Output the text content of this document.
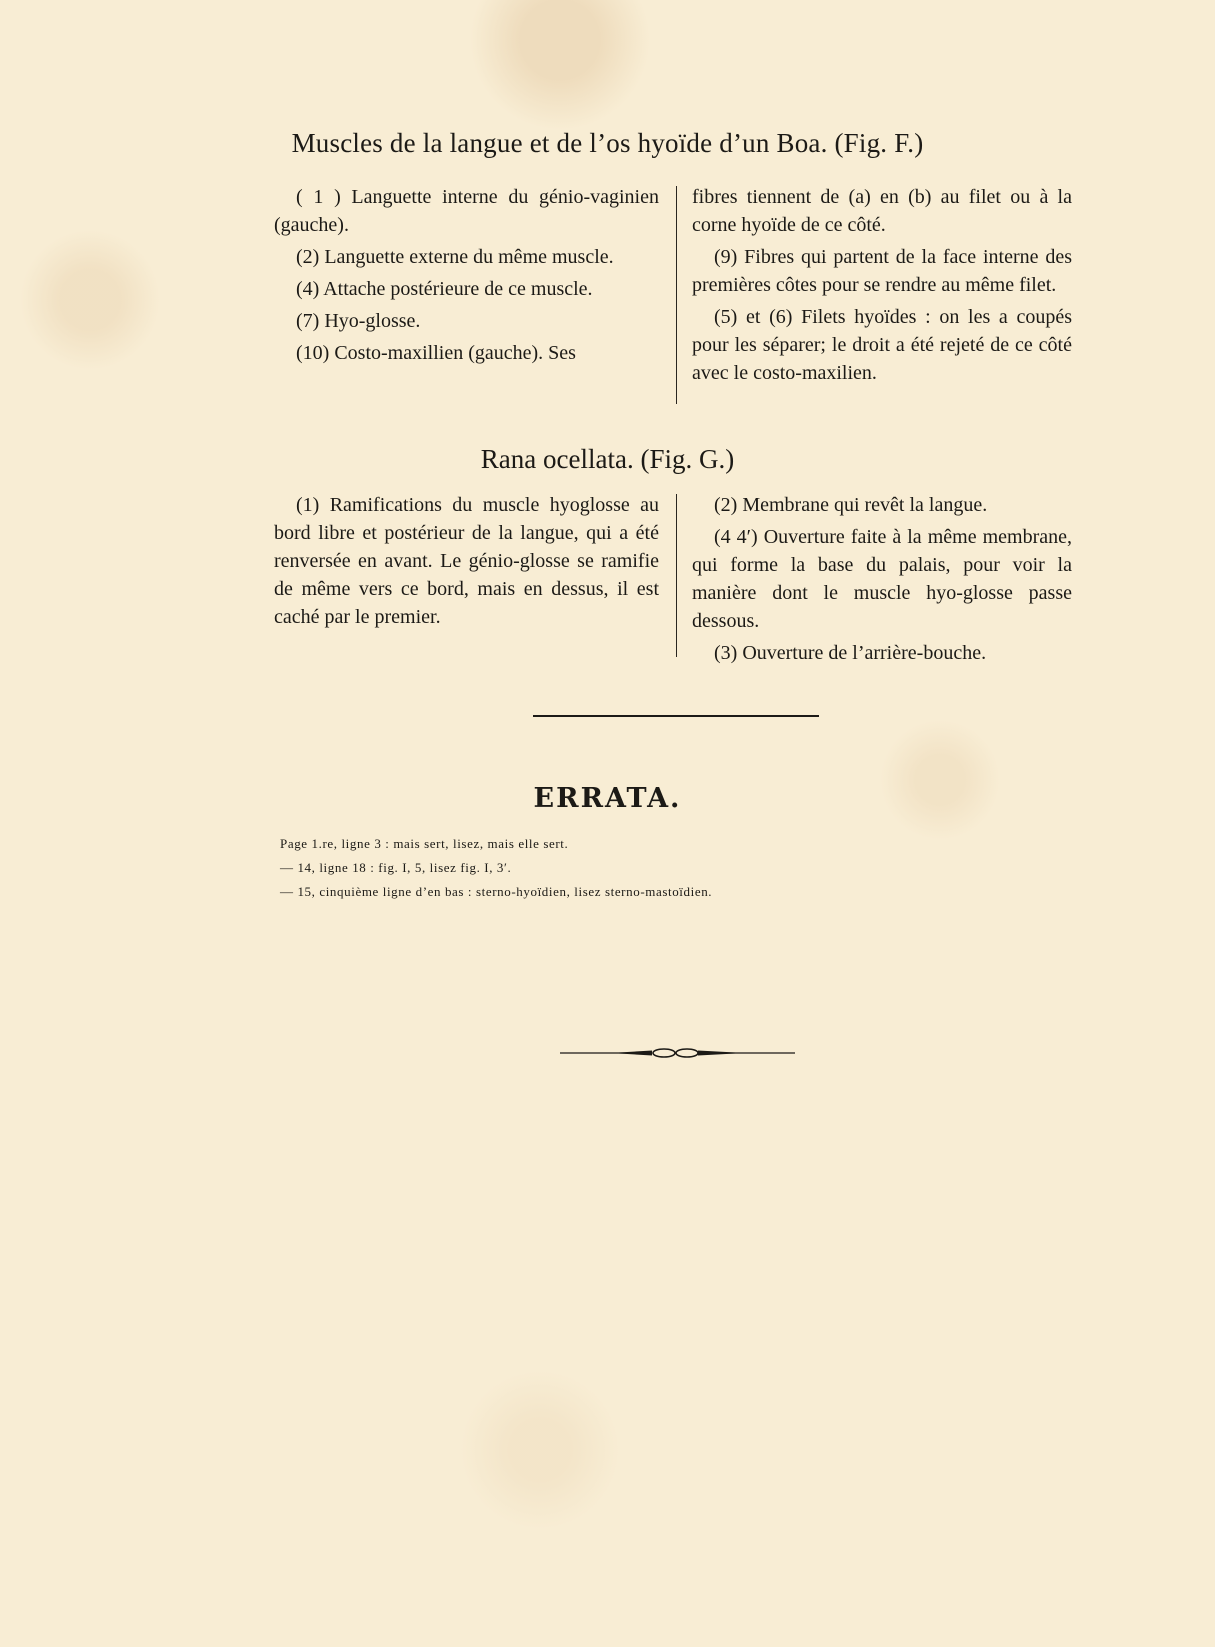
Muscles de la langue et de l’os hyoïde d’un Boa. (Fig. F.)

( 1 ) Languette interne du génio-vaginien (gauche).

(2) Languette externe du même muscle.

(4) Attache postérieure de ce muscle.

(7) Hyo-glosse.

(10) Costo-maxillien (gauche). Ses

fibres tiennent de (a) en (b) au filet ou à la corne hyoïde de ce côté.

(9) Fibres qui partent de la face interne des premières côtes pour se rendre au même filet.

(5) et (6) Filets hyoïdes : on les a coupés pour les séparer; le droit a été rejeté de ce côté avec le costo-maxilien.

Rana ocellata. (Fig. G.)

(1) Ramifications du muscle hyoglosse au bord libre et postérieur de la langue, qui a été renversée en avant. Le génio-glosse se ramifie de même vers ce bord, mais en dessus, il est caché par le premier.

(2) Membrane qui revêt la langue.

(4 4′) Ouverture faite à la même membrane, qui forme la base du palais, pour voir la manière dont le muscle hyo-glosse passe dessous.

(3) Ouverture de l’arrière-bouche.

ERRATA.
Page 1.re, ligne 3 : mais sert, lisez, mais elle sert.
— 14, ligne 18 : fig. I, 5, lisez fig. I, 3′.
— 15, cinquième ligne d’en bas : sterno-hyoïdien, lisez sterno-mastoïdien.
